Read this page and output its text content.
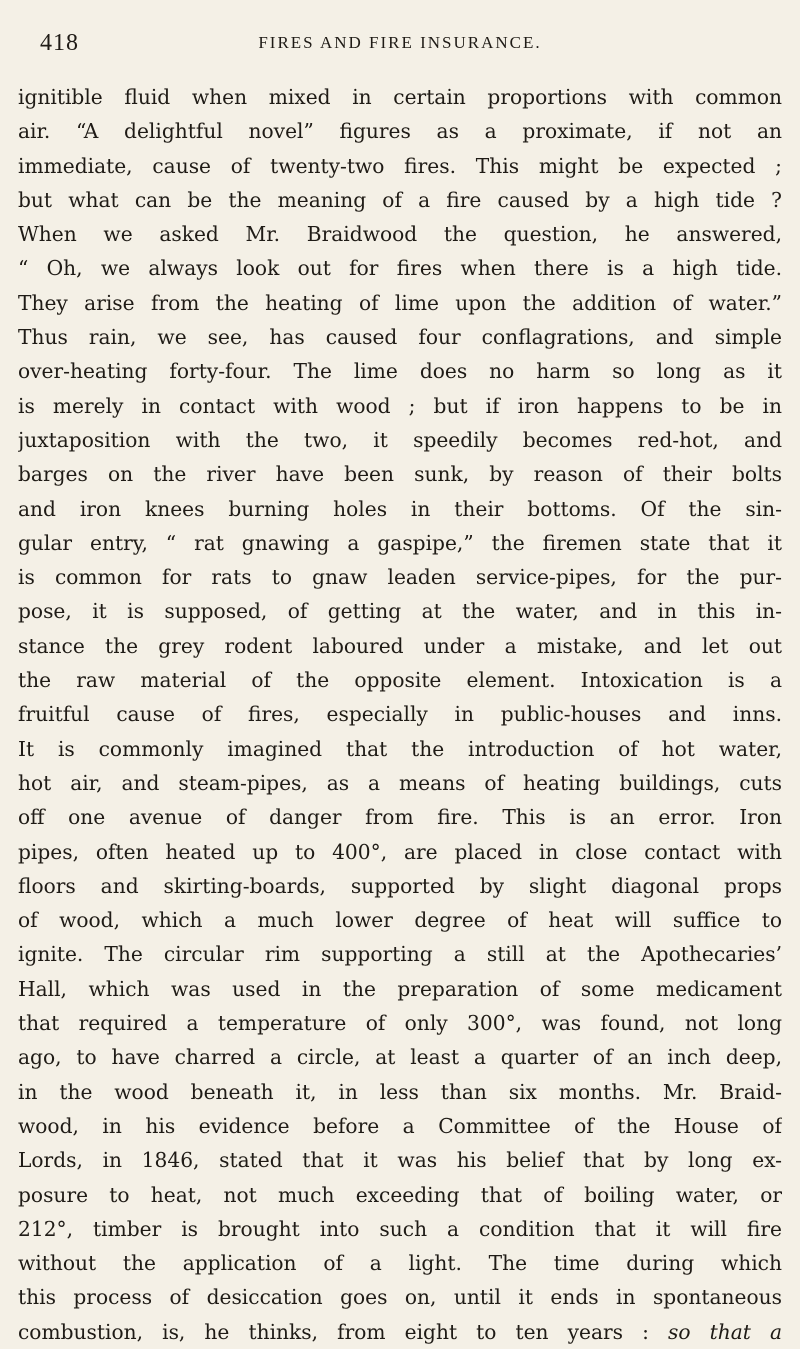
418	FIRES AND FIRE INSURANCE.
ignitible fluid when mixed in certain proportions with common
air. “A delightful novel” figures as a proximate, if not an
immediate, cause of twenty-two fires. This might be expected ;
but what can be the meaning of a fire caused by a high tide ?
When we asked Mr. Braidwood the question, he answered,
“ Oh, we always look out for fires when there is a high tide.
They arise from the heating of lime upon the addition of water.”
Thus rain, we see, has caused four conflagrations, and simple
over-heating forty-four. The lime does no harm so long as it
is merely in contact with wood ; but if iron happens to be in
juxtaposition with the two, it speedily becomes red-hot, and
barges on the river have been sunk, by reason of their bolts
and iron knees burning holes in their bottoms. Of the sin-
gular entry, “ rat gnawing a gaspipe,” the firemen state that it
is common for rats to gnaw leaden service-pipes, for the pur-
pose, it is supposed, of getting at the water, and in this in-
stance the grey rodent laboured under a mistake, and let out
the raw material of the opposite element. Intoxication is a
fruitful cause of fires, especially in public-houses and inns.
It is commonly imagined that the introduction of hot water,
hot air, and steam-pipes, as a means of heating buildings, cuts
off one avenue of danger from fire. This is an error. Iron
pipes, often heated up to 400°, are placed in close contact with
floors and skirting-boards, supported by slight diagonal props
of wood, which a much lower degree of heat will suffice to
ignite. The circular rim supporting a still at the Apothecaries’
Hall, which was used in the preparation of some medicament
that required a temperature of only 300°, was found, not long
ago, to have charred a circle, at least a quarter of an inch deep,
in the wood beneath it, in less than six months. Mr. Braid-
wood, in his evidence before a Committee of the House of
Lords, in 1846, stated that it was his belief that by long ex-
posure to heat, not much exceeding that of boiling water, or
212°, timber is brought into such a condition that it will fire
without the application of a light. The time during which
this process of desiccation goes on, until it ends in spontaneous
combustion, is, he thinks, from eight to ten years : so that a
